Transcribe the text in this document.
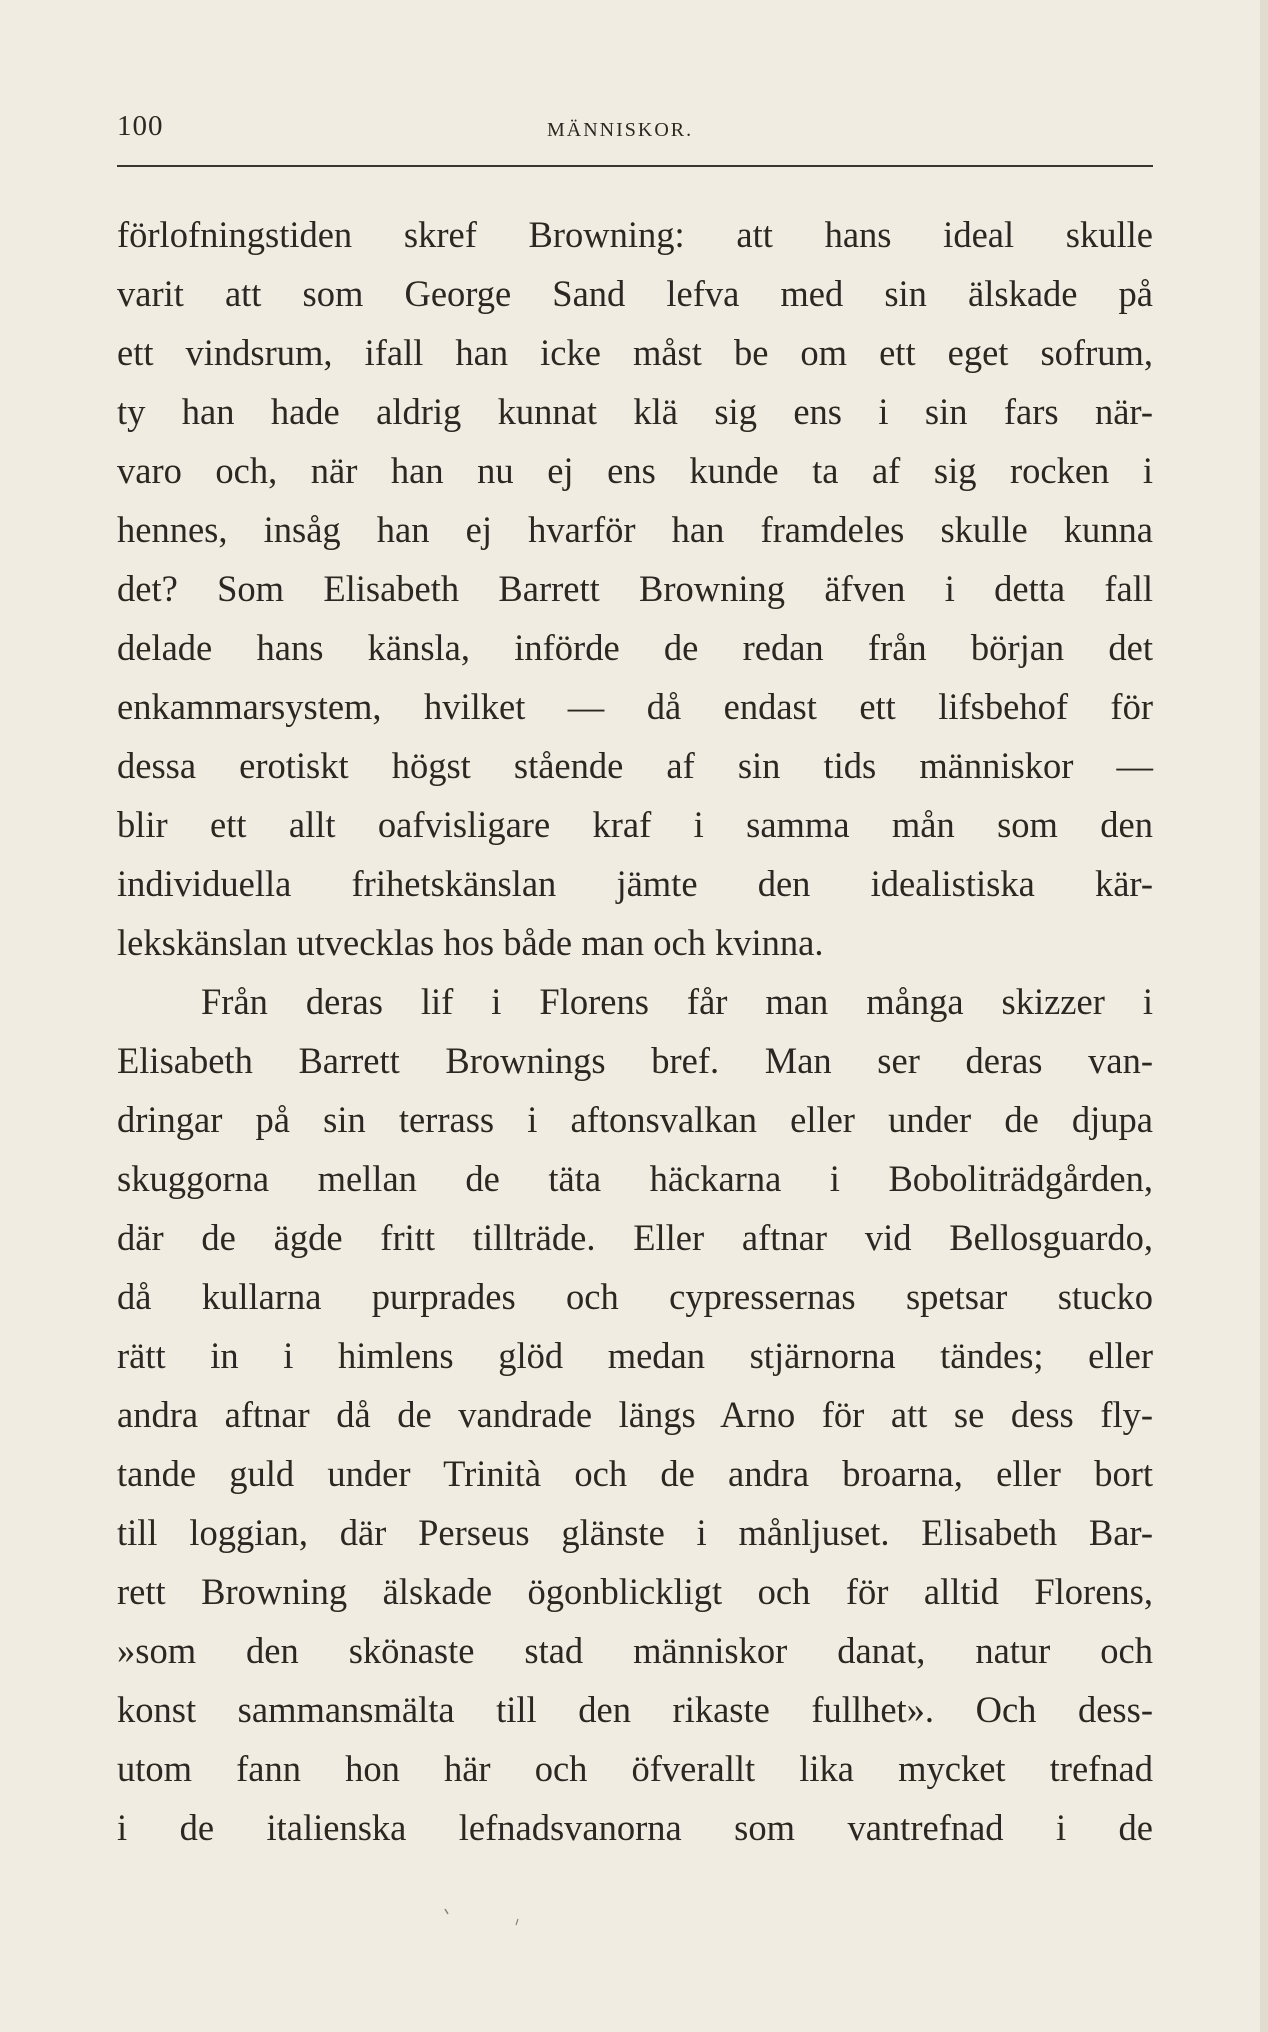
100	MÄNNISKOR.
förlofningstiden skref Browning: att hans ideal skulle
varit att som George Sand lefva med sin älskade på
ett vindsrum, ifall han icke måst be om ett eget sofrum,
ty han hade aldrig kunnat klä sig ens i sin fars när-
varo och, när han nu ej ens kunde ta af sig rocken i
hennes, insåg han ej hvarför han framdeles skulle kunna
det? Som Elisabeth Barrett Browning äfven i detta fall
delade hans känsla, införde de redan från början det
enkammarsystem, hvilket — då endast ett lifsbehof för
dessa erotiskt högst stående af sin tids människor —
blir ett allt oafvisligare kraf i samma mån som den
individuella frihetskänslan jämte den idealistiska kär-
lekskänslan utvecklas hos både man och kvinna.
Från deras lif i Florens får man många skizzer i
Elisabeth Barrett Brownings bref. Man ser deras van-
dringar på sin terrass i aftonsvalkan eller under de djupa
skuggorna mellan de täta häckarna i Boboliträdgården,
där de ägde fritt tillträde. Eller aftnar vid Bellosguardo,
då kullarna purprades och cypressernas spetsar stucko
rätt in i himlens glöd medan stjärnorna tändes; eller
andra aftnar då de vandrade längs Arno för att se dess fly-
tande guld under Trinità och de andra broarna, eller bort
till loggian, där Perseus glänste i månljuset. Elisabeth Bar-
rett Browning älskade ögonblickligt och för alltid Florens,
»som den skönaste stad människor danat, natur och
konst sammansmälta till den rikaste fullhet». Och dess-
utom fann hon här och öfverallt lika mycket trefnad
i de italienska lefnadsvanorna som vantrefnad i de
